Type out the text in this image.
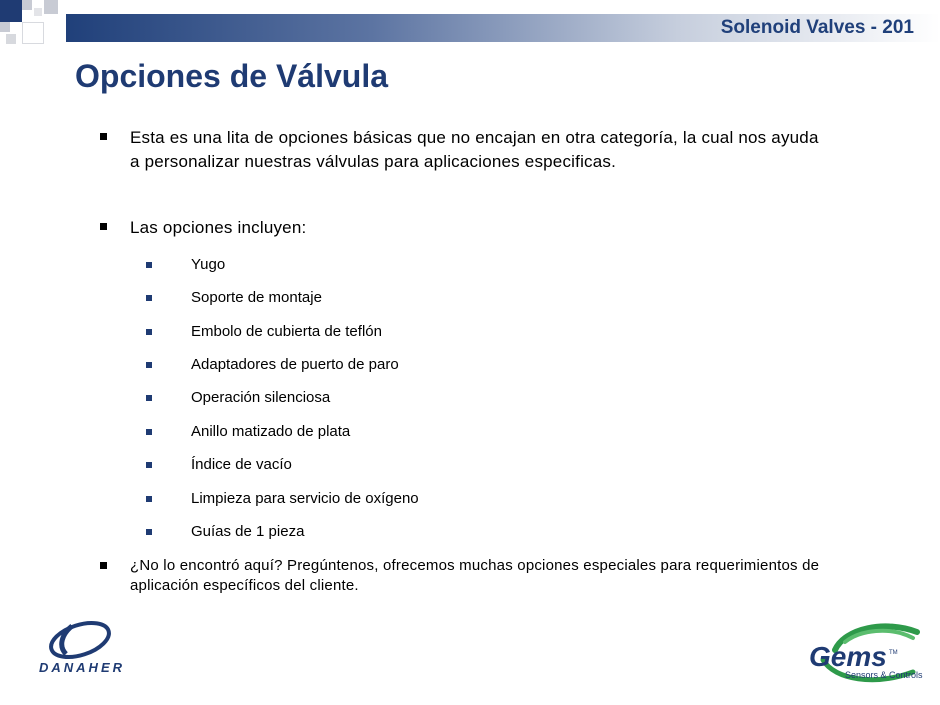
Solenoid Valves - 201
Opciones de Válvula
Esta es una lita de opciones básicas que no encajan en otra categoría, la cual nos ayuda a personalizar nuestras válvulas para aplicaciones especificas.
Las opciones incluyen:
Yugo
Soporte de montaje
Embolo de cubierta de teflón
Adaptadores de puerto de paro
Operación silenciosa
Anillo matizado de plata
Índice de vacío
Limpieza para servicio de oxígeno
Guías de 1 pieza
¿No lo encontró aquí? Pregúntenos, ofrecemos muchas opciones especiales para requerimientos de aplicación específicos del cliente.
DANAHER	Gems TM
Sensors & Controls
